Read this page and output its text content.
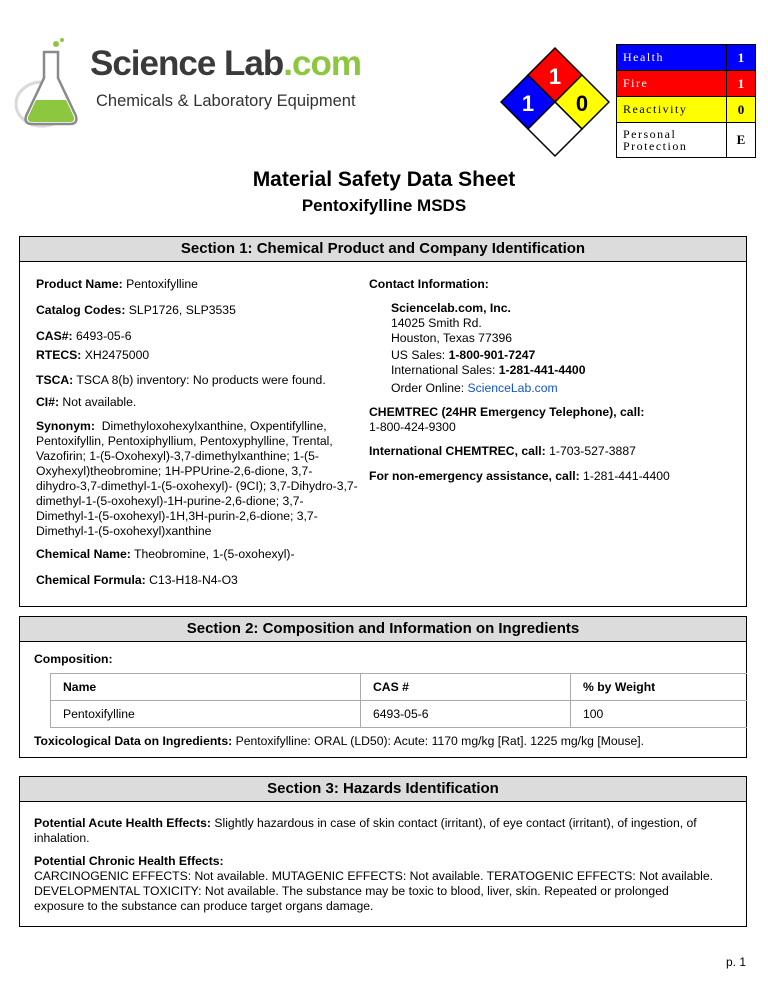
Science Lab.com
Chemicals & Laboratory Equipment
1
1 0
Health	1
Fire	1
Reactivity	0
Personal
Protection	E
Material Safety Data Sheet
Pentoxifylline MSDS
Section 1: Chemical Product and Company Identification
Product Name: Pentoxifylline
Catalog Codes: SLP1726, SLP3535
CAS#: 6493-05-6
RTECS: XH2475000
TSCA: TSCA 8(b) inventory: No products were found.
CI#: Not available.
Synonym: Dimethyloxohexylxanthine, Oxpentifylline,
Pentoxifyllin, Pentoxiphyllium, Pentoxyphylline, Trental,
Vazofirin; 1-(5-Oxohexyl)-3,7-dimethylxanthine; 1-(5-
Oxyhexyl)theobromine; 1H-PPUrine-2,6-dione, 3,7-
dihydro-3,7-dimethyl-1-(5-oxohexyl)- (9CI); 3,7-Dihydro-3,7-
dimethyl-1-(5-oxohexyl)-1H-purine-2,6-dione; 3,7-
Dimethyl-1-(5-oxohexyl)-1H,3H-purin-2,6-dione; 3,7-
Dimethyl-1-(5-oxohexyl)xanthine
Chemical Name: Theobromine, 1-(5-oxohexyl)-
Chemical Formula: C13-H18-N4-O3
Contact Information:
Sciencelab.com, Inc.
14025 Smith Rd.
Houston, Texas 77396
US Sales: 1-800-901-7247
International Sales: 1-281-441-4400
Order Online: ScienceLab.com
CHEMTREC (24HR Emergency Telephone), call:
1-800-424-9300
International CHEMTREC, call: 1-703-527-3887
For non-emergency assistance, call: 1-281-441-4400
Section 2: Composition and Information on Ingredients
Composition:
Name	CAS #	% by Weight
Pentoxifylline	6493-05-6	100
Toxicological Data on Ingredients: Pentoxifylline: ORAL (LD50): Acute: 1170 mg/kg [Rat]. 1225 mg/kg [Mouse].
Section 3: Hazards Identification
Potential Acute Health Effects: Slightly hazardous in case of skin contact (irritant), of eye contact (irritant), of ingestion, of
inhalation.
Potential Chronic Health Effects:
CARCINOGENIC EFFECTS: Not available. MUTAGENIC EFFECTS: Not available. TERATOGENIC EFFECTS: Not available.
DEVELOPMENTAL TOXICITY: Not available. The substance may be toxic to blood, liver, skin. Repeated or prolonged
exposure to the substance can produce target organs damage.
p. 1
